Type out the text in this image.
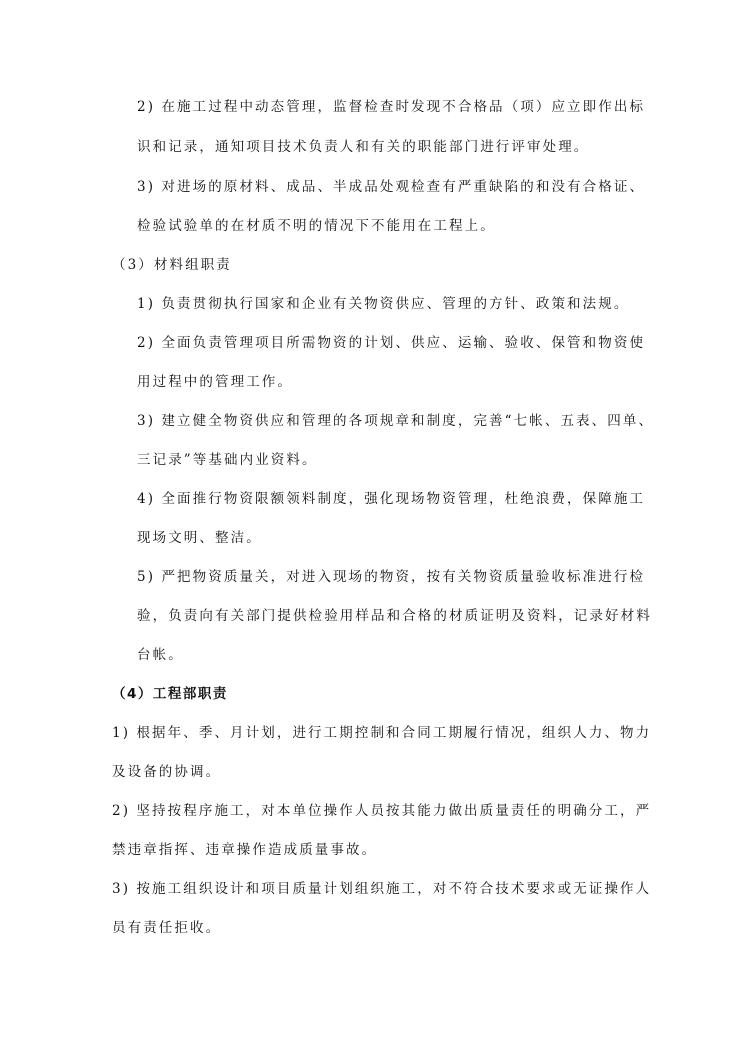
2) 在施工过程中动态管理，监督检查时发现不合格品（项）应立即作出标
识和记录，通知项目技术负责人和有关的职能部门进行评审处理。
3) 对进场的原材料、成品、半成品处观检查有严重缺陷的和没有合格证、
检验试验单的在材质不明的情况下不能用在工程上。
（3）材料组职责
1) 负责贯彻执行国家和企业有关物资供应、管理的方针、政策和法规。
2) 全面负责管理项目所需物资的计划、供应、运输、验收、保管和物资使
用过程中的管理工作。
3) 建立健全物资供应和管理的各项规章和制度，完善“七帐、五表、四单、
三记录”等基础内业资料。
4) 全面推行物资限额领料制度，强化现场物资管理，杜绝浪费，保障施工
现场文明、整洁。
5) 严把物资质量关，对进入现场的物资，按有关物资质量验收标准进行检
验，负责向有关部门提供检验用样品和合格的材质证明及资料，记录好材料
台帐。
（4）工程部职责
1) 根据年、季、月计划，进行工期控制和合同工期履行情况，组织人力、物力
及设备的协调。
2) 坚持按程序施工，对本单位操作人员按其能力做出质量责任的明确分工，严
禁违章指挥、违章操作造成质量事故。
3) 按施工组织设计和项目质量计划组织施工，对不符合技术要求或无证操作人
员有责任拒收。
